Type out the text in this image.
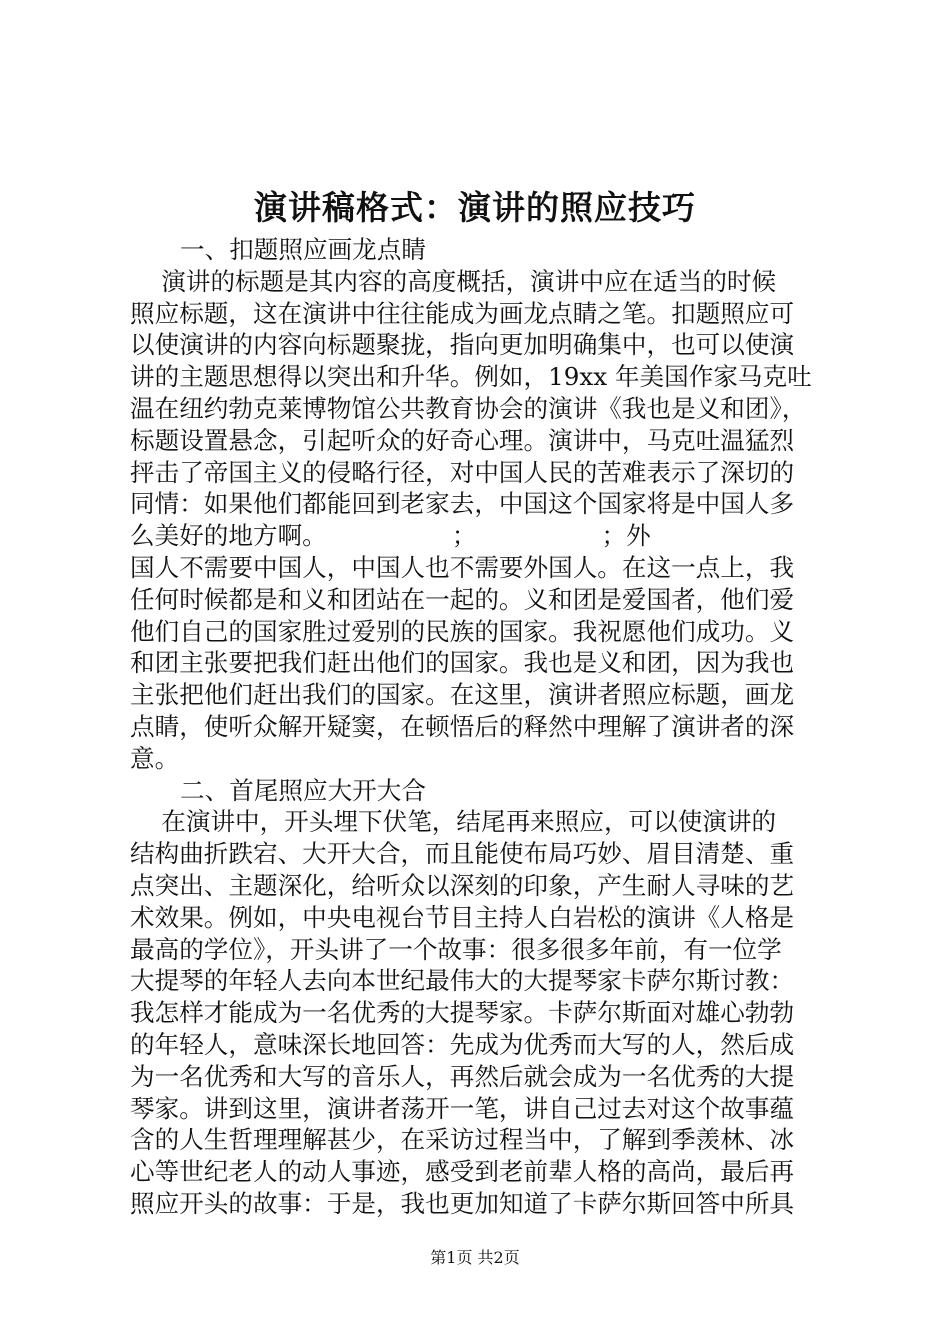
演讲稿格式：演讲的照应技巧
一、扣题照应画龙点睛
演讲的标题是其内容的高度概括，演讲中应在适当的时候
照应标题，这在演讲中往往能成为画龙点睛之笔。扣题照应可
以使演讲的内容向标题聚拢，指向更加明确集中，也可以使演
讲的主题思想得以突出和升华。例如，19xx 年美国作家马克吐
温在纽约勃克莱博物馆公共教育协会的演讲《我也是义和团》，
标题设置悬念，引起听众的好奇心理。演讲中，马克吐温猛烈
抨击了帝国主义的侵略行径，对中国人民的苦难表示了深切的
同情：如果他们都能回到老家去，中国这个国家将是中国人多
么美好的地方啊。                ；                ；外
国人不需要中国人，中国人也不需要外国人。在这一点上，我
任何时候都是和义和团站在一起的。义和团是爱国者，他们爱
他们自己的国家胜过爱别的民族的国家。我祝愿他们成功。义
和团主张要把我们赶出他们的国家。我也是义和团，因为我也
主张把他们赶出我们的国家。在这里，演讲者照应标题，画龙
点睛，使听众解开疑窦，在顿悟后的释然中理解了演讲者的深
意。
二、首尾照应大开大合
在演讲中，开头埋下伏笔，结尾再来照应，可以使演讲的
结构曲折跌宕、大开大合，而且能使布局巧妙、眉目清楚、重
点突出、主题深化，给听众以深刻的印象，产生耐人寻味的艺
术效果。例如，中央电视台节目主持人白岩松的演讲《人格是
最高的学位》，开头讲了一个故事：很多很多年前，有一位学
大提琴的年轻人去向本世纪最伟大的大提琴家卡萨尔斯讨教：
我怎样才能成为一名优秀的大提琴家。卡萨尔斯面对雄心勃勃
的年轻人，意味深长地回答：先成为优秀而大写的人，然后成
为一名优秀和大写的音乐人，再然后就会成为一名优秀的大提
琴家。讲到这里，演讲者荡开一笔，讲自己过去对这个故事蕴
含的人生哲理理解甚少，在采访过程当中，了解到季羡林、冰
心等世纪老人的动人事迹，感受到老前辈人格的高尚，最后再
照应开头的故事：于是，我也更加知道了卡萨尔斯回答中所具
第1页 共2页
